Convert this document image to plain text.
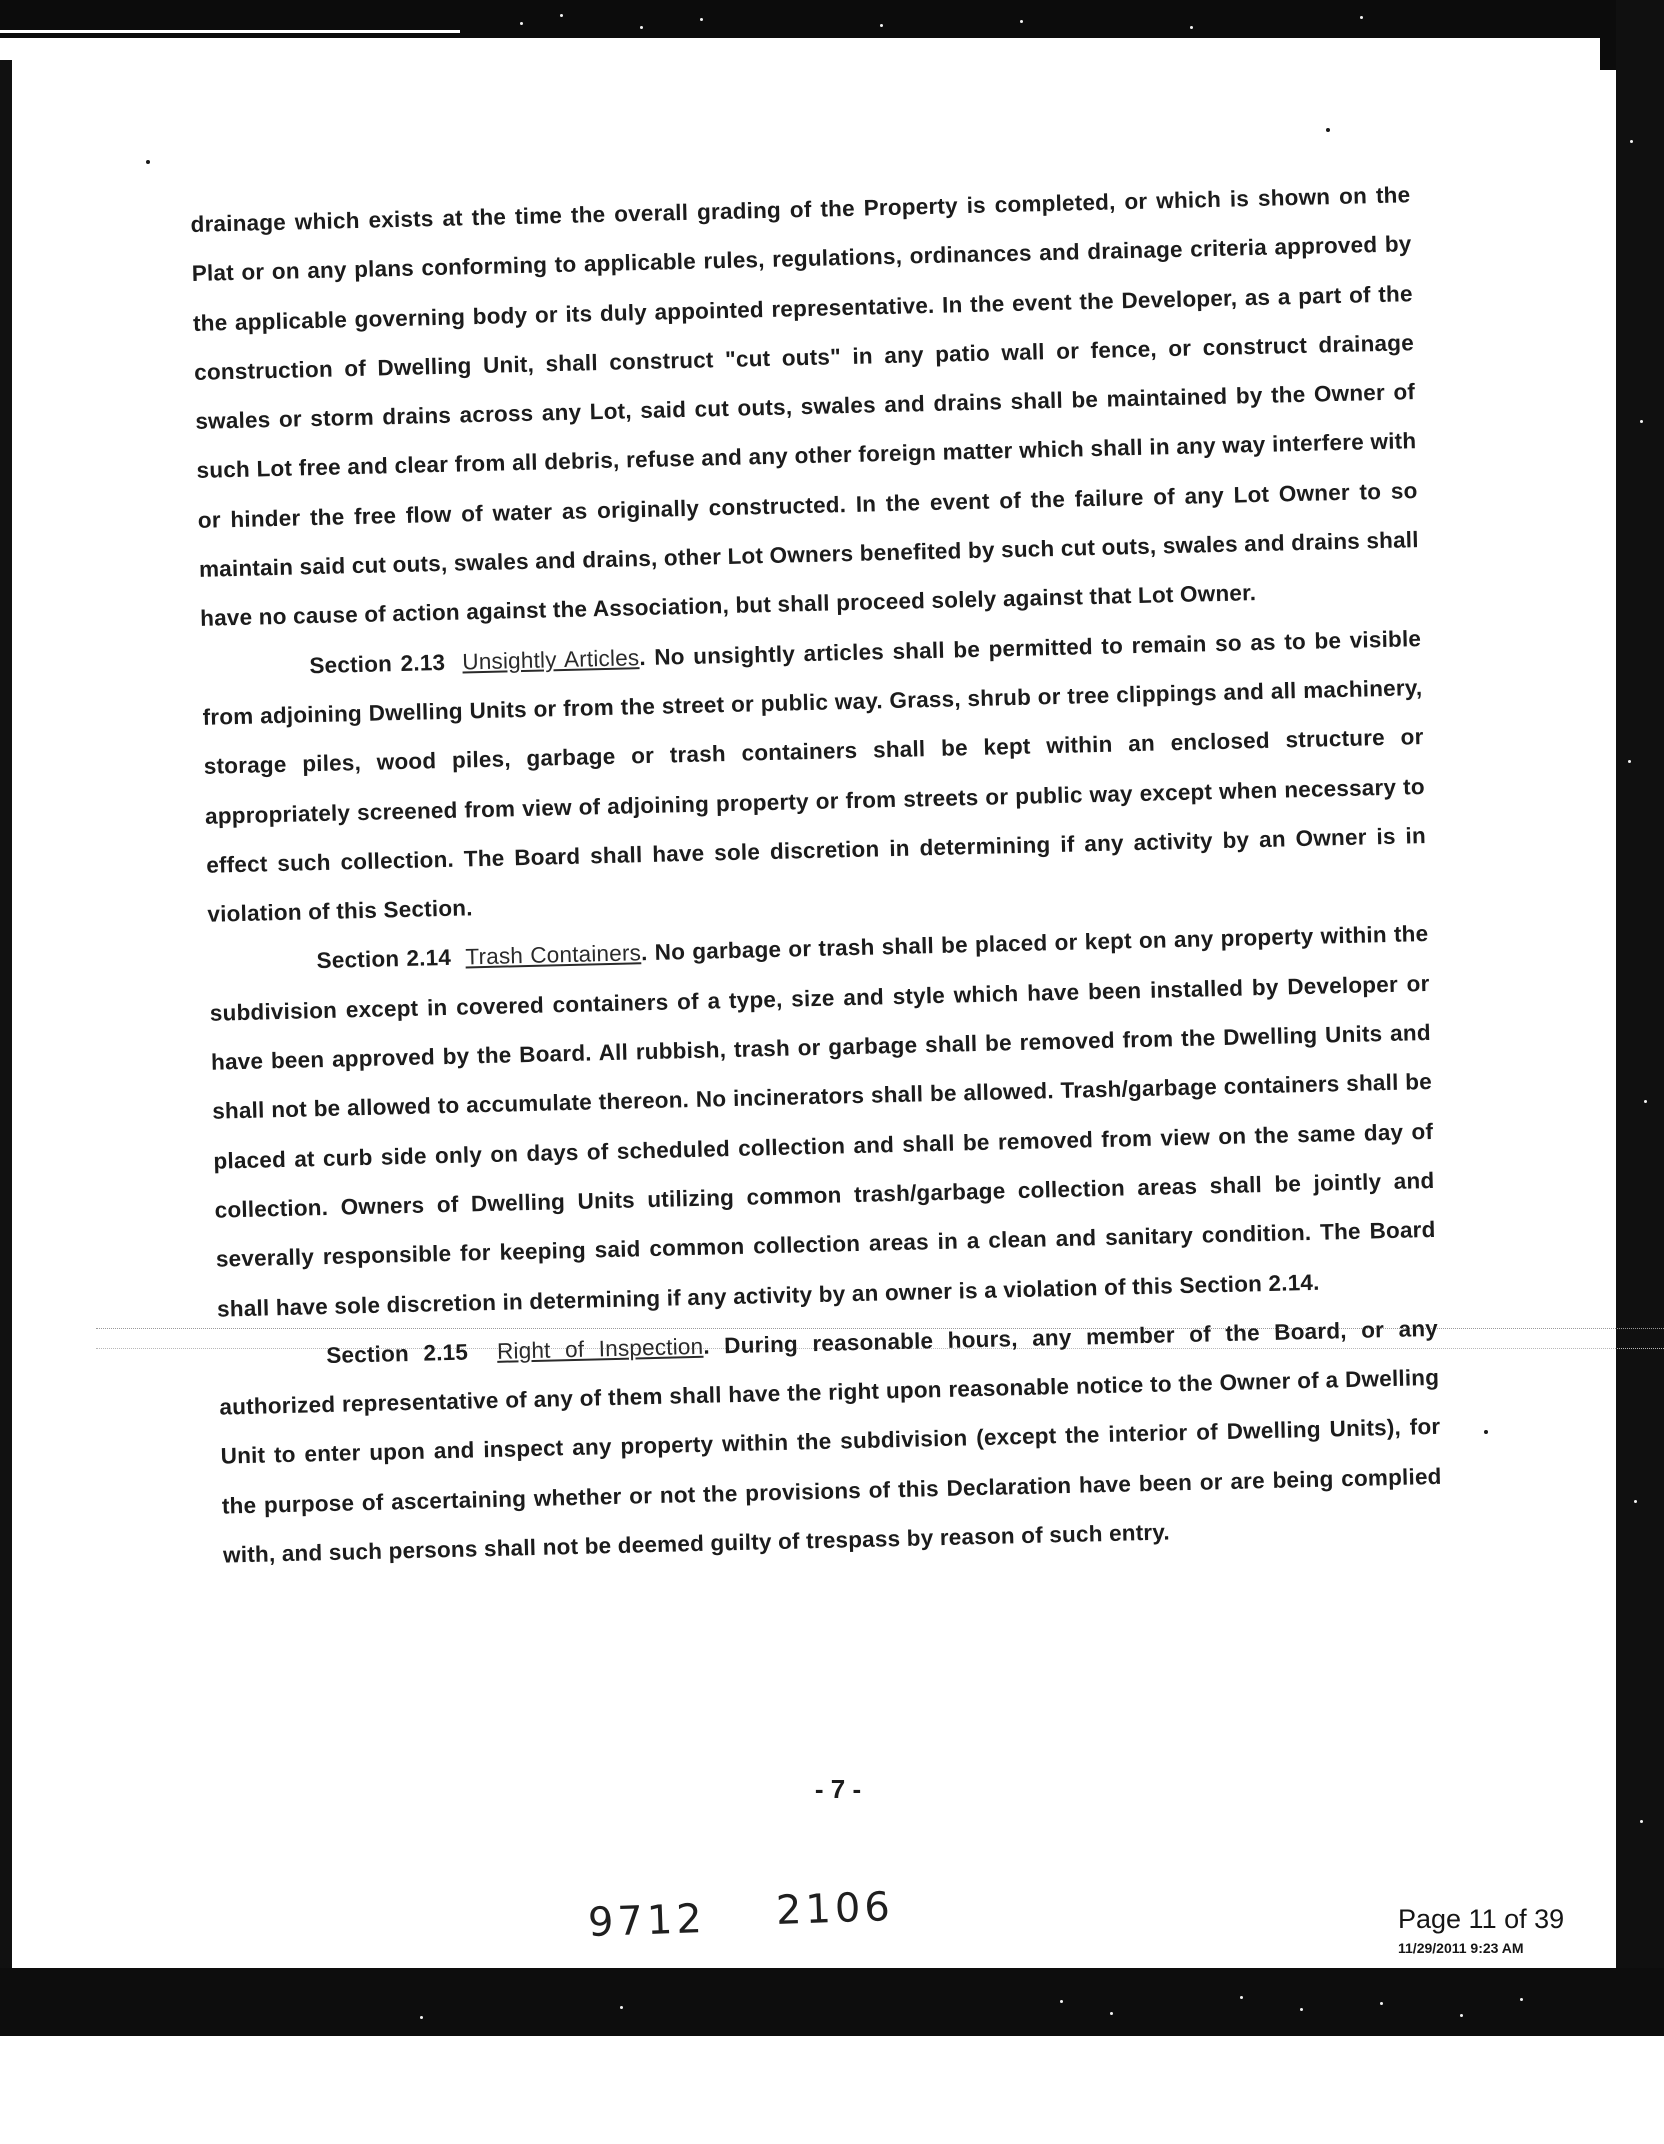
drainage which exists at the time the overall grading of the Property is completed, or which is shown on the Plat or on any plans conforming to applicable rules, regulations, ordinances and drainage criteria approved by the applicable governing body or its duly appointed representative. In the event the Developer, as a part of the construction of Dwelling Unit, shall construct "cut outs" in any patio wall or fence, or construct drainage swales or storm drains across any Lot, said cut outs, swales and drains shall be maintained by the Owner of such Lot free and clear from all debris, refuse and any other foreign matter which shall in any way interfere with or hinder the free flow of water as originally constructed. In the event of the failure of any Lot Owner to so maintain said cut outs, swales and drains, other Lot Owners benefited by such cut outs, swales and drains shall have no cause of action against the Association, but shall proceed solely against that Lot Owner.

Section 2.13 Unsightly Articles. No unsightly articles shall be permitted to remain so as to be visible from adjoining Dwelling Units or from the street or public way. Grass, shrub or tree clippings and all machinery, storage piles, wood piles, garbage or trash containers shall be kept within an enclosed structure or appropriately screened from view of adjoining property or from streets or public way except when necessary to effect such collection. The Board shall have sole discretion in determining if any activity by an Owner is in violation of this Section.

Section 2.14 Trash Containers. No garbage or trash shall be placed or kept on any property within the subdivision except in covered containers of a type, size and style which have been installed by Developer or have been approved by the Board. All rubbish, trash or garbage shall be removed from the Dwelling Units and shall not be allowed to accumulate thereon. No incinerators shall be allowed. Trash/garbage containers shall be placed at curb side only on days of scheduled collection and shall be removed from view on the same day of collection. Owners of Dwelling Units utilizing common trash/garbage collection areas shall be jointly and severally responsible for keeping said common collection areas in a clean and sanitary condition. The Board shall have sole discretion in determining if any activity by an owner is a violation of this Section 2.14.

Section 2.15 Right of Inspection. During reasonable hours, any member of the Board, or any authorized representative of any of them shall have the right upon reasonable notice to the Owner of a Dwelling Unit to enter upon and inspect any property within the subdivision (except the interior of Dwelling Units), for the purpose of ascertaining whether or not the provisions of this Declaration have been or are being complied with, and such persons shall not be deemed guilty of trespass by reason of such entry.

- 7 -
9712 2106	Page 11 of 39
11/29/2011 9:23 AM
